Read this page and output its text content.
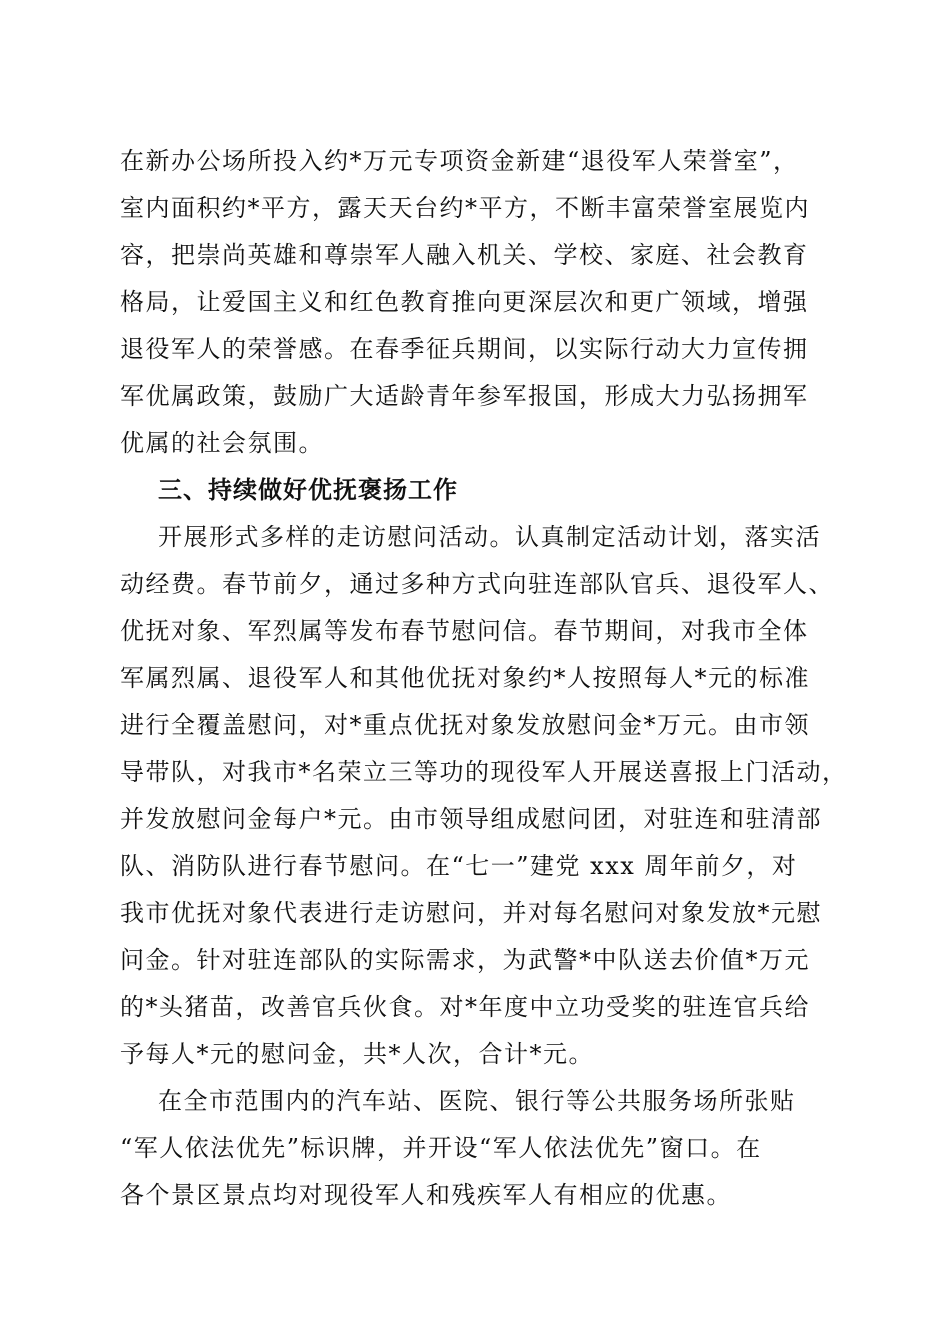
在新办公场所投入约*万元专项资金新建“退役军人荣誉室”，
室内面积约*平方，露天天台约*平方，不断丰富荣誉室展览内
容，把崇尚英雄和尊崇军人融入机关、学校、家庭、社会教育
格局，让爱国主义和红色教育推向更深层次和更广领域，增强
退役军人的荣誉感。在春季征兵期间，以实际行动大力宣传拥
军优属政策，鼓励广大适龄青年参军报国，形成大力弘扬拥军
优属的社会氛围。
三、持续做好优抚褒扬工作
开展形式多样的走访慰问活动。认真制定活动计划，落实活
动经费。春节前夕，通过多种方式向驻连部队官兵、退役军人、
优抚对象、军烈属等发布春节慰问信。春节期间，对我市全体
军属烈属、退役军人和其他优抚对象约*人按照每人*元的标准
进行全覆盖慰问，对*重点优抚对象发放慰问金*万元。由市领
导带队，对我市*名荣立三等功的现役军人开展送喜报上门活动，
并发放慰问金每户*元。由市领导组成慰问团，对驻连和驻清部
队、消防队进行春节慰问。在“七一”建党 xxx 周年前夕，对
我市优抚对象代表进行走访慰问，并对每名慰问对象发放*元慰
问金。针对驻连部队的实际需求，为武警*中队送去价值*万元
的*头猪苗，改善官兵伙食。对*年度中立功受奖的驻连官兵给
予每人*元的慰问金，共*人次，合计*元。
在全市范围内的汽车站、医院、银行等公共服务场所张贴
“军人依法优先”标识牌，并开设“军人依法优先”窗口。在
各个景区景点均对现役军人和残疾军人有相应的优惠。
